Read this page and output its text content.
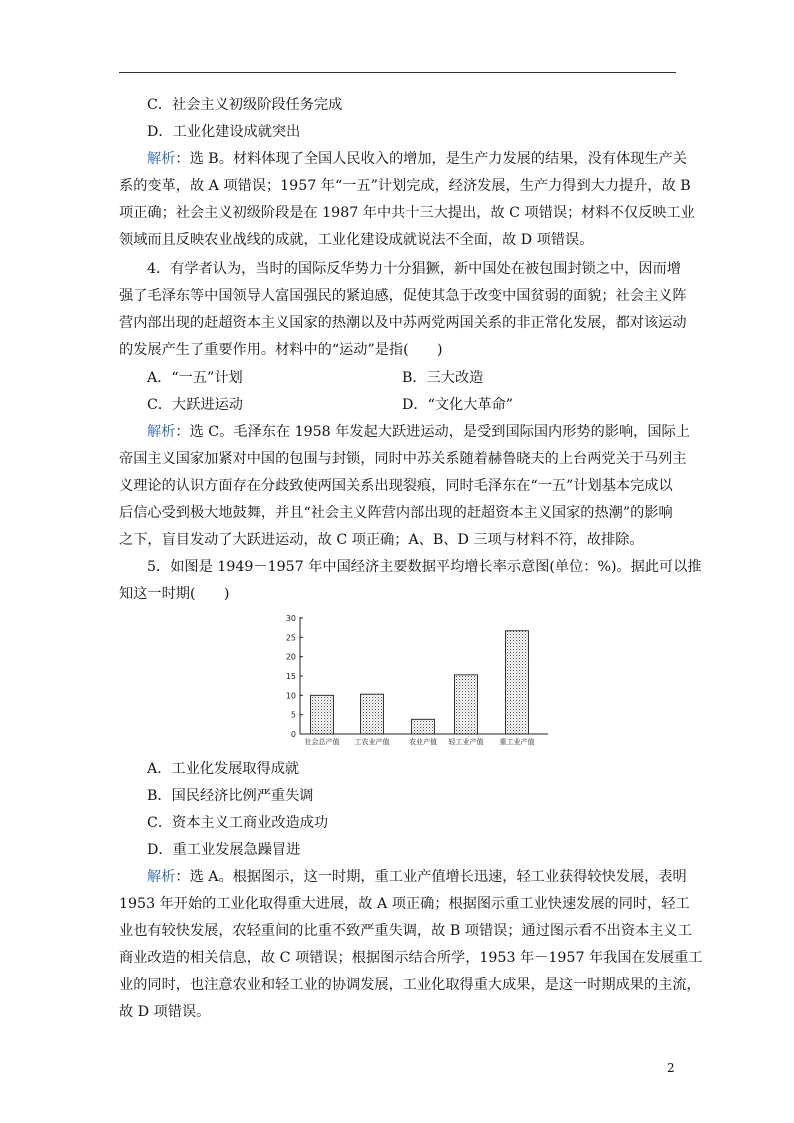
C．社会主义初级阶段任务完成
D．工业化建设成就突出
解析：选 B。材料体现了全国人民收入的增加，是生产力发展的结果，没有体现生产关
系的变革，故 A 项错误；1957 年“一五”计划完成，经济发展，生产力得到大力提升，故 B
项正确；社会主义初级阶段是在 1987 年中共十三大提出，故 C 项错误；材料不仅反映工业
领域而且反映农业战线的成就，工业化建设成就说法不全面，故 D 项错误。
4．有学者认为，当时的国际反华势力十分猖獗，新中国处在被包围封锁之中，因而增
强了毛泽东等中国领导人富国强民的紧迫感，促使其急于改变中国贫弱的面貌；社会主义阵
营内部出现的赶超资本主义国家的热潮以及中苏两党两国关系的非正常化发展，都对该运动
的发展产生了重要作用。材料中的“运动”是指(　　)
A．“一五”计划	B．三大改造
C．大跃进运动	D．“文化大革命”
解析：选 C。毛泽东在 1958 年发起大跃进运动，是受到国际国内形势的影响，国际上
帝国主义国家加紧对中国的包围与封锁，同时中苏关系随着赫鲁晓夫的上台两党关于马列主
义理论的认识方面存在分歧致使两国关系出现裂痕，同时毛泽东在“一五”计划基本完成以
后信心受到极大地鼓舞，并且“社会主义阵营内部出现的赶超资本主义国家的热潮”的影响
之下，盲目发动了大跃进运动，故 C 项正确；A、B、D 三项与材料不符，故排除。
5．如图是 1949－1957 年中国经济主要数据平均增长率示意图(单位：%)。据此可以推
知这一时期(　　)
0
5
10
15
20
25
30
社会总产值 工农业产值	农业产值 轻工业产值 重工业产值
A．工业化发展取得成就
B．国民经济比例严重失调
C．资本主义工商业改造成功
D．重工业发展急躁冒进
解析：选 A。根据图示，这一时期，重工业产值增长迅速，轻工业获得较快发展，表明
1953 年开始的工业化取得重大进展，故 A 项正确；根据图示重工业快速发展的同时，轻工
业也有较快发展，农轻重间的比重不致严重失调，故 B 项错误；通过图示看不出资本主义工
商业改造的相关信息，故 C 项错误；根据图示结合所学，1953 年－1957 年我国在发展重工
业的同时，也注意农业和轻工业的协调发展，工业化取得重大成果，是这一时期成果的主流，
故 D 项错误。
2
